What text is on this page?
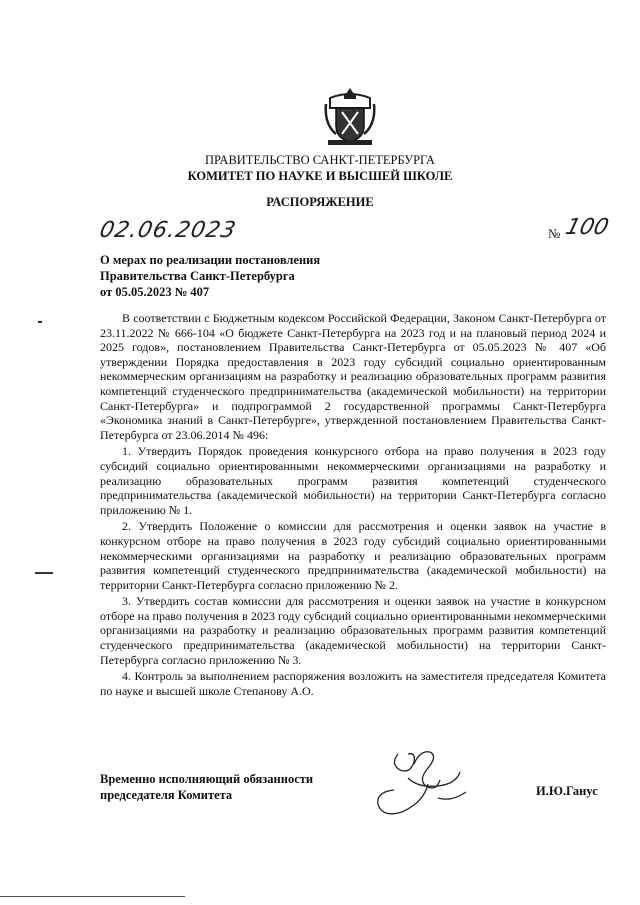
ПРАВИТЕЛЬСТВО САНКТ-ПЕТЕРБУРГА
КОМИТЕТ ПО НАУКЕ И ВЫСШЕЙ ШКОЛЕ
РАСПОРЯЖЕНИЕ
02.06.2023	№ 100
О мерах по реализации постановления
Правительства Санкт-Петербурга
от 05.05.2023 № 407

В соответствии с Бюджетным кодексом Российской Федерации, Законом Санкт-Петербурга от 23.11.2022 № 666-104 «О бюджете Санкт-Петербурга на 2023 год и на плановый период 2024 и 2025 годов», постановлением Правительства Санкт-Петербурга от 05.05.2023 № 407 «Об утверждении Порядка предоставления в 2023 году субсидий социально ориентированным некоммерческим организациям на разработку и реализацию образовательных программ развития компетенций студенческого предпринимательства (академической мобильности) на территории Санкт-Петербурга» и подпрограммой 2 государственной программы Санкт-Петербурга «Экономика знаний в Санкт-Петербурге», утвержденной постановлением Правительства Санкт-Петербурга от 23.06.2014 № 496:

1. Утвердить Порядок проведения конкурсного отбора на право получения в 2023 году субсидий социально ориентированными некоммерческими организациями на разработку и реализацию образовательных программ развития компетенций студенческого предпринимательства (академической мобильности) на территории Санкт-Петербурга согласно приложению № 1.

2. Утвердить Положение о комиссии для рассмотрения и оценки заявок на участие в конкурсном отборе на право получения в 2023 году субсидий социально ориентированными некоммерческими организациями на разработку и реализацию образовательных программ развития компетенций студенческого предпринимательства (академической мобильности) на территории Санкт-Петербурга согласно приложению № 2.

3. Утвердить состав комиссии для рассмотрения и оценки заявок на участие в конкурсном отборе на право получения в 2023 году субсидий социально ориентированными некоммерческими организациями на разработку и реализацию образовательных программ развития компетенций студенческого предпринимательства (академической мобильности) на территории Санкт-Петербурга согласно приложению № 3.

4. Контроль за выполнением распоряжения возложить на заместителя председателя Комитета по науке и высшей школе Степанову А.О.

Временно исполняющий обязанности
председателя Комитета	И.Ю.Ганус
